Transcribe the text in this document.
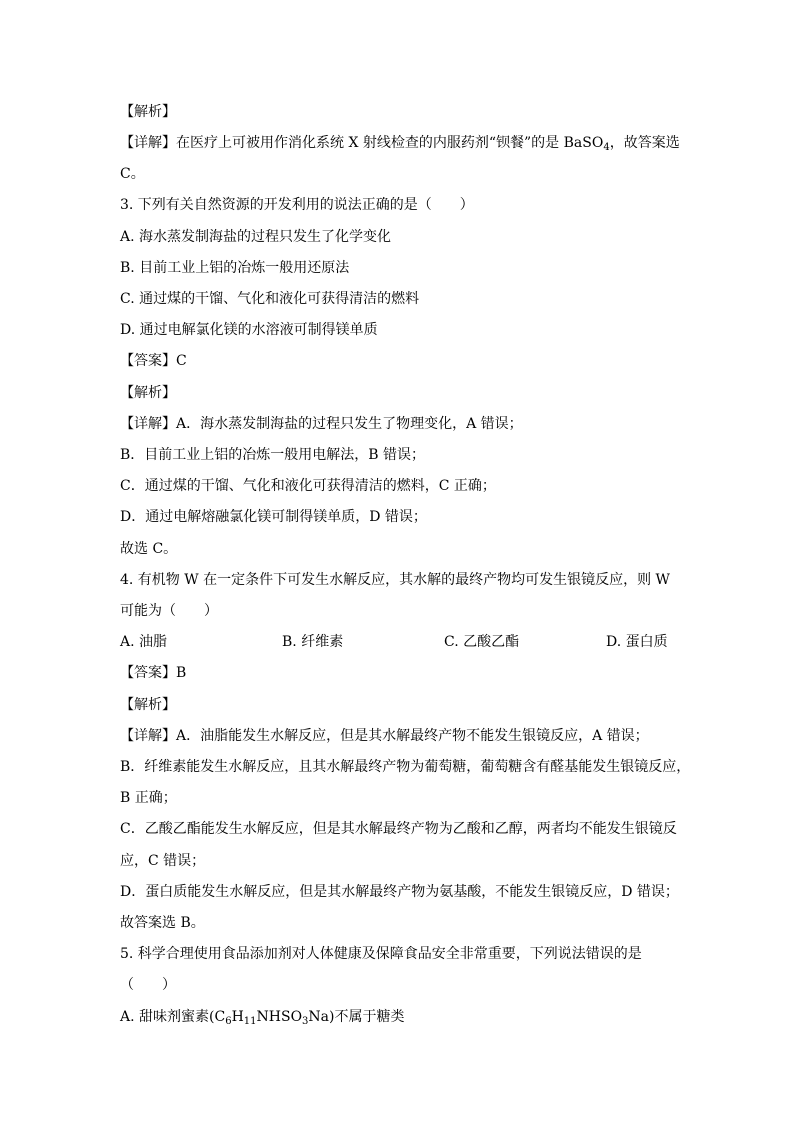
【解析】
【详解】在医疗上可被用作消化系统 X 射线检查的内服药剂“钡餐”的是 BaSO$_4$，故答案选
C。
3. 下列有关自然资源的开发利用的说法正确的是（　　）
A. 海水蒸发制海盐的过程只发生了化学变化
B. 目前工业上铝的冶炼一般用还原法
C. 通过煤的干馏、气化和液化可获得清洁的燃料
D. 通过电解氯化镁的水溶液可制得镁单质
【答案】C
【解析】
【详解】A．海水蒸发制海盐的过程只发生了物理变化，A 错误；
B．目前工业上铝的冶炼一般用电解法，B 错误；
C．通过煤的干馏、气化和液化可获得清洁的燃料，C 正确；
D．通过电解熔融氯化镁可制得镁单质，D 错误；
故选 C。
4. 有机物 W 在一定条件下可发生水解反应，其水解的最终产物均可发生银镜反应，则 W
可能为（　　）
A. 油脂	B. 纤维素	C. 乙酸乙酯	D. 蛋白质
【答案】B
【解析】
【详解】A．油脂能发生水解反应，但是其水解最终产物不能发生银镜反应，A 错误；
B．纤维素能发生水解反应，且其水解最终产物为葡萄糖，葡萄糖含有醛基能发生银镜反应，
B 正确；
C．乙酸乙酯能发生水解反应，但是其水解最终产物为乙酸和乙醇，两者均不能发生银镜反
应，C 错误；
D．蛋白质能发生水解反应，但是其水解最终产物为氨基酸，不能发生银镜反应，D 错误；
故答案选 B。
5. 科学合理使用食品添加剂对人体健康及保障食品安全非常重要，下列说法错误的是
（　　）
A. 甜味剂蜜素$(C_6H_{11}NHSO_3Na)$不属于糖类
